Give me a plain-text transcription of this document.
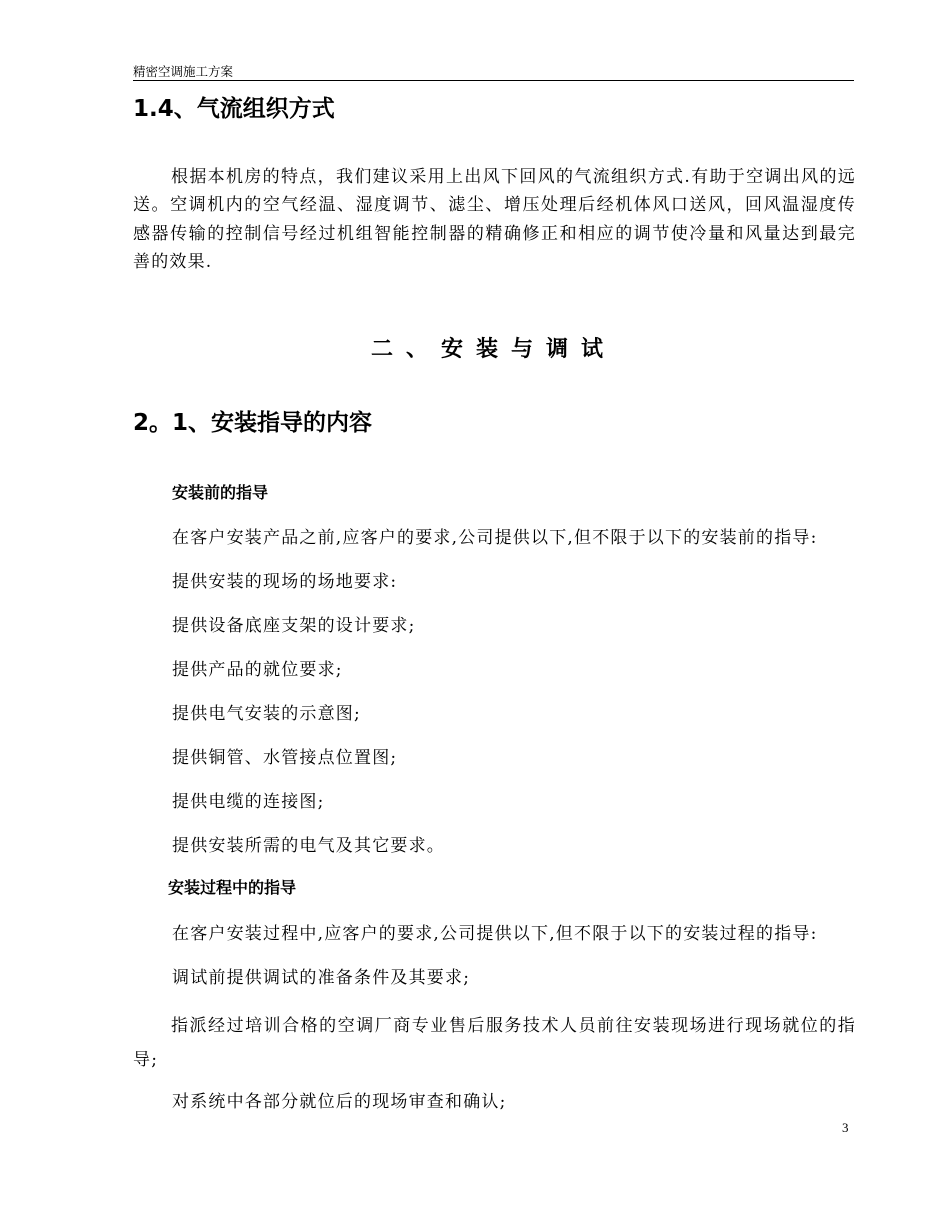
精密空调施工方案
1.4、气流组织方式

根据本机房的特点，我们建议采用上出风下回风的气流组织方式.有助于空调出风的远送。空调机内的空气经温、湿度调节、滤尘、增压处理后经机体风口送风，回风温湿度传感器传输的控制信号经过机组智能控制器的精确修正和相应的调节使冷量和风量达到最完善的效果.

二、安装与调试
2。1、安装指导的内容
安装前的指导
在客户安装产品之前,应客户的要求,公司提供以下,但不限于以下的安装前的指导:
提供安装的现场的场地要求:
提供设备底座支架的设计要求;
提供产品的就位要求;
提供电气安装的示意图;
提供铜管、水管接点位置图;
提供电缆的连接图;
提供安装所需的电气及其它要求。
安装过程中的指导
在客户安装过程中,应客户的要求,公司提供以下,但不限于以下的安装过程的指导:
调试前提供调试的准备条件及其要求;

指派经过培训合格的空调厂商专业售后服务技术人员前往安装现场进行现场就位的指导;

对系统中各部分就位后的现场审查和确认;
3
